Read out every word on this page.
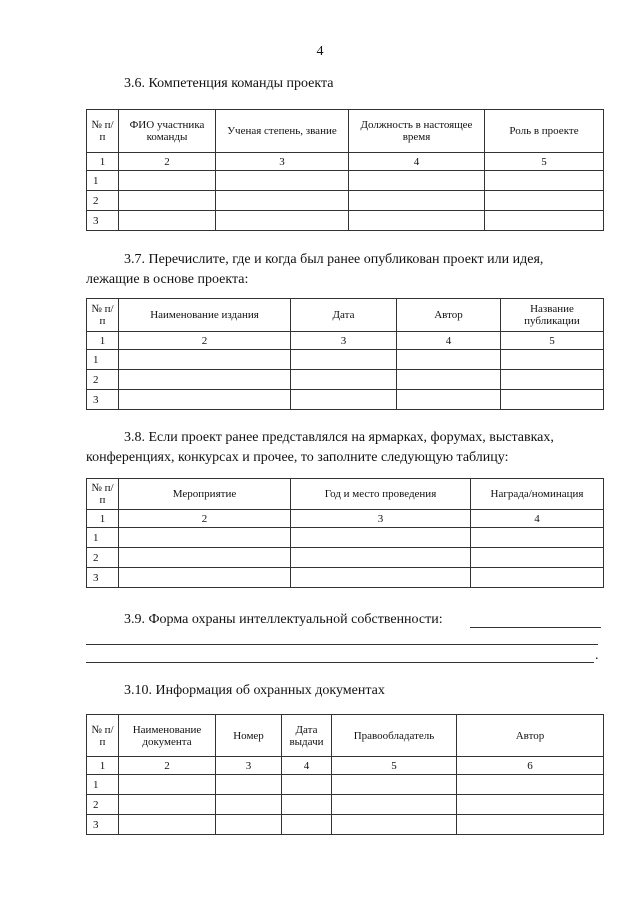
4
3.6. Компетенция команды проекта
№ п/п	ФИО участника команды	Ученая степень, звание	Должность в настоящее время	Роль в проекте
1	2	3	4	5
1				
2				
3				
3.7. Перечислите, где и когда был ранее опубликован проект или идея,
лежащие в основе проекта:
№ п/п	Наименование издания	Дата	Автор	Название публикации
1	2	3	4	5
1				
2				
3				
3.8. Если проект ранее представлялся на ярмарках, форумах, выставках,
конференциях, конкурсах и прочее, то заполните следующую таблицу:
№ п/п	Мероприятие	Год и место проведения	Награда/номинация
1	2	3	4
1			
2			
3			
3.9. Форма охраны интеллектуальной собственности:
.
3.10. Информация об охранных документах
№ п/п	Наименование документа	Номер	Дата выдачи	Правообладатель	Автор
1	2	3	4	5	6
1					
2					
3					
